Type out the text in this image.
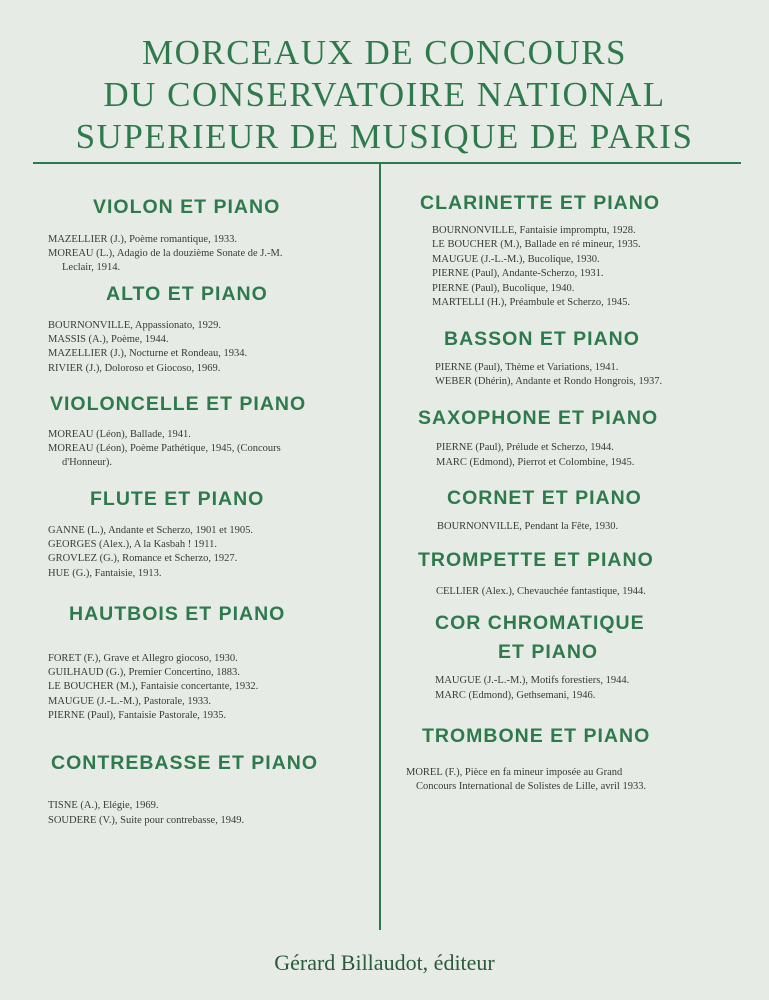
MORCEAUX DE CONCOURS
DU CONSERVATOIRE NATIONAL
SUPERIEUR DE MUSIQUE DE PARIS
VIOLON ET PIANO
MAZELLIER (J.), Poème romantique, 1933.
MOREAU (L.), Adagio de la douzième Sonate de J.-M.
Leclair, 1914.
ALTO ET PIANO
BOURNONVILLE, Appassionato, 1929.
MASSIS (A.), Poème, 1944.
MAZELLIER (J.), Nocturne et Rondeau, 1934.
RIVIER (J.), Doloroso et Giocoso, 1969.
VIOLONCELLE ET PIANO
MOREAU (Léon), Ballade, 1941.
MOREAU (Léon), Poème Pathétique, 1945, (Concours
d'Honneur).
FLUTE ET PIANO
GANNE (L.), Andante et Scherzo, 1901 et 1905.
GEORGES (Alex.), A la Kasbah ! 1911.
GROVLEZ (G.), Romance et Scherzo, 1927.
HUE (G.), Fantaisie, 1913.
HAUTBOIS ET PIANO
FORET (F.), Grave et Allegro giocoso, 1930.
GUILHAUD (G.), Premier Concertino, 1883.
LE BOUCHER (M.), Fantaisie concertante, 1932.
MAUGUE (J.-L.-M.), Pastorale, 1933.
PIERNE (Paul), Fantaisie Pastorale, 1935.
CONTREBASSE ET PIANO
TISNE (A.), Elégie, 1969.
SOUDERE (V.), Suite pour contrebasse, 1949.
CLARINETTE ET PIANO
BOURNONVILLE, Fantaisie impromptu, 1928.
LE BOUCHER (M.), Ballade en ré mineur, 1935.
MAUGUE (J.-L.-M.), Bucolique, 1930.
PIERNE (Paul), Andante-Scherzo, 1931.
PIERNE (Paul), Bucolique, 1940.
MARTELLI (H.), Préambule et Scherzo, 1945.
BASSON ET PIANO
PIERNE (Paul), Thème et Variations, 1941.
WEBER (Dhérin), Andante et Rondo Hongrois, 1937.
SAXOPHONE ET PIANO
PIERNE (Paul), Prélude et Scherzo, 1944.
MARC (Edmond), Pierrot et Colombine, 1945.
CORNET ET PIANO
BOURNONVILLE, Pendant la Fête, 1930.
TROMPETTE ET PIANO
CELLIER (Alex.), Chevauchée fantastique, 1944.
COR CHROMATIQUE
ET PIANO
MAUGUE (J.-L.-M.), Motifs forestiers, 1944.
MARC (Edmond), Gethsemani, 1946.
TROMBONE ET PIANO
MOREL (F.), Pièce en fa mineur imposée au Grand
Concours International de Solistes de Lille, avril 1933.
Gérard Billaudot, éditeur
